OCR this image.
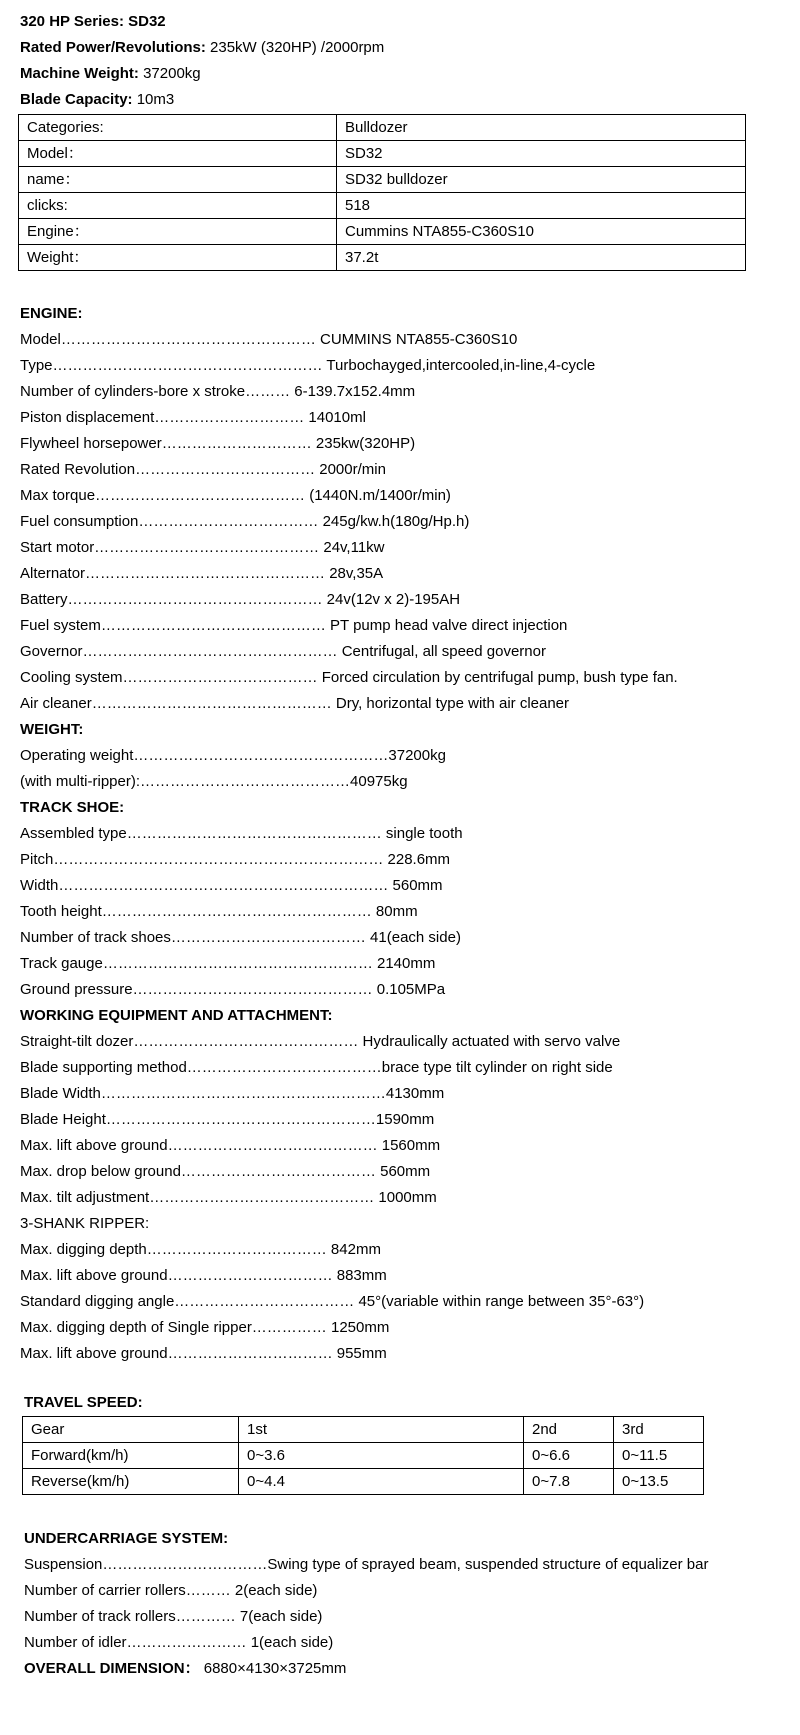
320 HP Series: SD32
Rated Power/Revolutions: 235kW (320HP) /2000rpm
Machine Weight: 37200kg
Blade Capacity: 10m3
Categories:	Bulldozer
Model：	SD32
name：	SD32 bulldozer
clicks:	518
Engine：	Cummins NTA855-C360S10
Weight：	37.2t
ENGINE:
Model…………………………………………… CUMMINS NTA855-C360S10
Type……………………………………………… Turbochayged,intercooled,in-line,4-cycle
Number of cylinders-bore x stroke……… 6-139.7x152.4mm
Piston displacement………………………… 14010ml
Flywheel horsepower………………………… 235kw(320HP)
Rated Revolution……………………………… 2000r/min
Max torque…………………………………… (1440N.m/1400r/min)
Fuel consumption……………………………… 245g/kw.h(180g/Hp.h)
Start motor……………………………………… 24v,11kw
Alternator………………………………………… 28v,35A
Battery…………………………………………… 24v(12v x 2)-195AH
Fuel system……………………………………… PT pump head valve direct injection
Governor…………………………………………… Centrifugal, all speed governor
Cooling system………………………………… Forced circulation by centrifugal pump, bush type fan.
Air cleaner………………………………………… Dry, horizontal type with air cleaner
WEIGHT:
Operating weight……………………………………………37200kg
(with multi-ripper):……………………………………40975kg
TRACK SHOE:
Assembled type…………………………………………… single tooth
Pitch………………………………………………………… 228.6mm
Width………………………………………………………… 560mm
Tooth height……………………………………………… 80mm
Number of track shoes………………………………… 41(each side)
Track gauge……………………………………………… 2140mm
Ground pressure………………………………………… 0.105MPa
WORKING EQUIPMENT AND ATTACHMENT:
Straight-tilt dozer……………………………………… Hydraulically actuated with servo valve
Blade supporting method…………………………………brace type tilt cylinder on right side
Blade Width…………………………………………………4130mm
Blade Height………………………………………………1590mm
Max. lift above ground…………………………………… 1560mm
Max. drop below ground………………………………… 560mm
Max. tilt adjustment……………………………………… 1000mm
3-SHANK RIPPER:
Max. digging depth……………………………… 842mm
Max. lift above ground…………………………… 883mm
Standard digging angle……………………………… 45°(variable within range between 35°-63°)
Max. digging depth of Single ripper…………… 1250mm
Max. lift above ground…………………………… 955mm
TRAVEL SPEED:
Gear	1st	2nd	3rd
Forward(km/h)	0~3.6	0~6.6	0~11.5
Reverse(km/h)	0~4.4	0~7.8	0~13.5
UNDERCARRIAGE SYSTEM:
Suspension……………………………Swing type of sprayed beam, suspended structure of equalizer bar
Number of carrier rollers……… 2(each side)
Number of track rollers………… 7(each side)
Number of idler…………………… 1(each side)
OVERALL DIMENSION： 6880×4130×3725mm
